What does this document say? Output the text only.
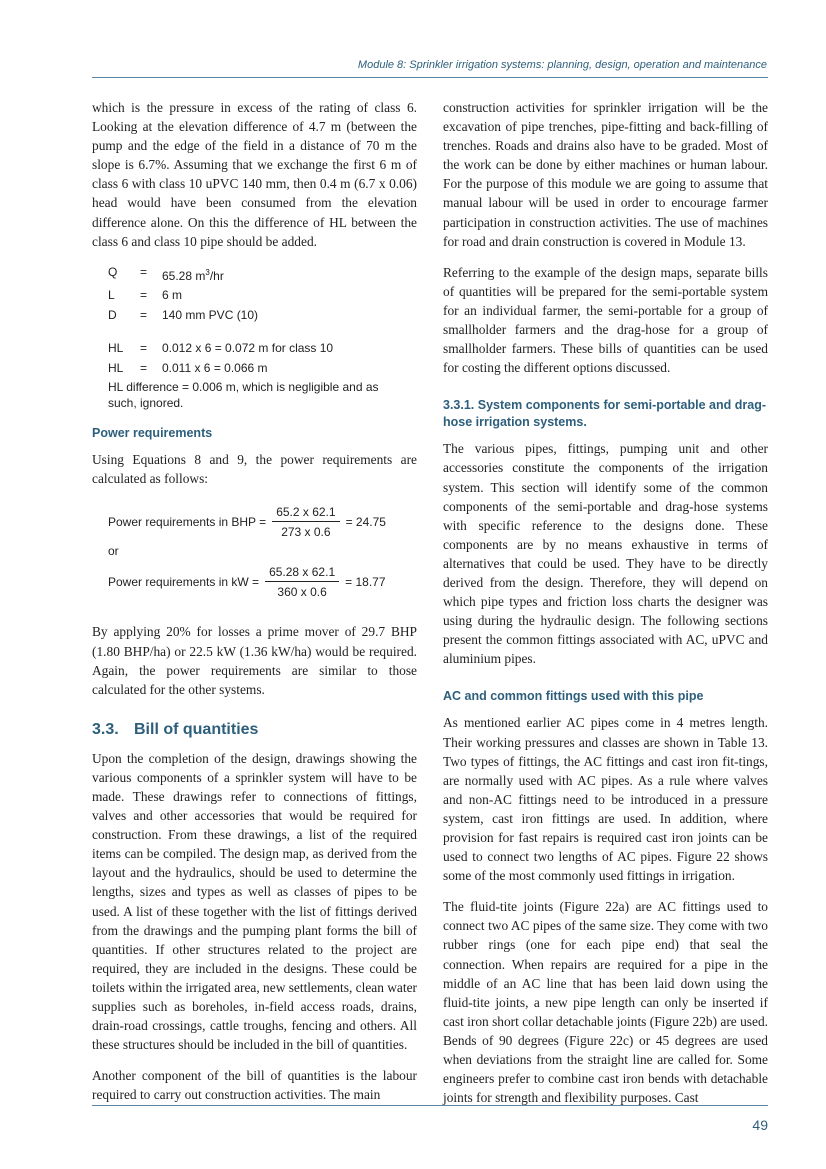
Module 8: Sprinkler irrigation systems: planning, design, operation and maintenance

which is the pressure in excess of the rating of class 6. Looking at the elevation difference of 4.7 m (between the pump and the edge of the field in a distance of 70 m the slope is 6.7%. Assuming that we exchange the first 6 m of class 6 with class 10 uPVC 140 mm, then 0.4 m (6.7 x 0.06) head would have been consumed from the elevation difference alone. On this the difference of HL between the class 6 and class 10 pipe should be added.

Q	=	65.28 $m^3/hr$
L	=	6 m
D	=	140 mm PVC (10)

HL	=	0.012 x 6 = 0.072 m for class 10
HL	=	0.011 x 6 = 0.066 m
HL difference = 0.006 m, which is negligible and as such, ignored.		
Power requirements

Using Equations 8 and 9, the power requirements are calculated as follows:

Power requirements in BHP = $\frac{65.2 x 62.1}{273 x 0.6} = 24.75$
or
Power requirements in kW = $\frac{65.28 x 62.1}{360 x 0.6} = 18.77$

By applying 20% for losses a prime mover of 29.7 BHP (1.80 BHP/ha) or 22.5 kW (1.36 kW/ha) would be required. Again, the power requirements are similar to those calculated for the other systems.

3.3. Bill of quantities

Upon the completion of the design, drawings showing the various components of a sprinkler system will have to be made. These drawings refer to connections of fittings, valves and other accessories that would be required for construction. From these drawings, a list of the required items can be compiled. The design map, as derived from the layout and the hydraulics, should be used to determine the lengths, sizes and types as well as classes of pipes to be used. A list of these together with the list of fittings derived from the drawings and the pumping plant forms the bill of quantities. If other structures related to the project are required, they are included in the designs. These could be toilets within the irrigated area, new settlements, clean water supplies such as boreholes, in-field access roads, drains, drain-road crossings, cattle troughs, fencing and others. All these structures should be included in the bill of quantities.

Another component of the bill of quantities is the labour required to carry out construction activities. The main

construction activities for sprinkler irrigation will be the excavation of pipe trenches, pipe-fitting and back-filling of trenches. Roads and drains also have to be graded. Most of the work can be done by either machines or human labour. For the purpose of this module we are going to assume that manual labour will be used in order to encourage farmer participation in construction activities. The use of machines for road and drain construction is covered in Module 13.

Referring to the example of the design maps, separate bills of quantities will be prepared for the semi-portable system for an individual farmer, the semi-portable for a group of smallholder farmers and the drag-hose for a group of smallholder farmers. These bills of quantities can be used for costing the different options discussed.

3.3.1. System components for semi-portable and drag-hose irrigation systems.

The various pipes, fittings, pumping unit and other accessories constitute the components of the irrigation system. This section will identify some of the common components of the semi-portable and drag-hose systems with specific reference to the designs done. These components are by no means exhaustive in terms of alternatives that could be used. They have to be directly derived from the design. Therefore, they will depend on which pipe types and friction loss charts the designer was using during the hydraulic design. The following sections present the common fittings associated with AC, uPVC and aluminium pipes.

AC and common fittings used with this pipe

As mentioned earlier AC pipes come in 4 metres length. Their working pressures and classes are shown in Table 13. Two types of fittings, the AC fittings and cast iron fit-tings, are normally used with AC pipes. As a rule where valves and non-AC fittings need to be introduced in a pressure system, cast iron fittings are used. In addition, where provision for fast repairs is required cast iron joints can be used to connect two lengths of AC pipes. Figure 22 shows some of the most commonly used fittings in irrigation.

The fluid-tite joints (Figure 22a) are AC fittings used to connect two AC pipes of the same size. They come with two rubber rings (one for each pipe end) that seal the connection. When repairs are required for a pipe in the middle of an AC line that has been laid down using the fluid-tite joints, a new pipe length can only be inserted if cast iron short collar detachable joints (Figure 22b) are used. Bends of 90 degrees (Figure 22c) or 45 degrees are used when deviations from the straight line are called for. Some engineers prefer to combine cast iron bends with detachable joints for strength and flexibility purposes. Cast

49
